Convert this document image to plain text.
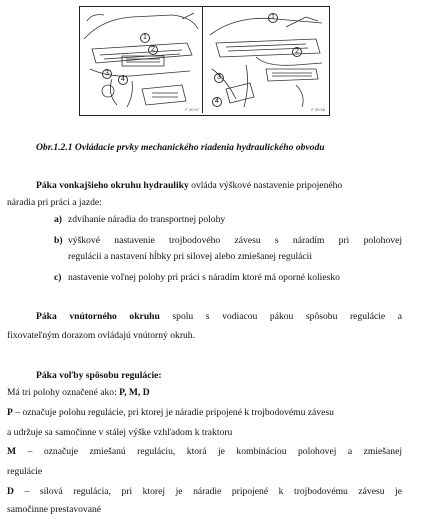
1
2
3
4
F 30 57
1
2
3
4
F 30 58
Obr.1.2.1 Ovládacie prvky mechanického riadenia hydraulického obvodu
Páka vonkajšieho okruhu hydrauliky ovláda výškové nastavenie pripojeného
náradia pri práci a jazde:
a) zdvíhanie náradia do transportnej polohy
b) výškové nastavenie trojbodového závesu s náradím pri polohovej
regulácii a nastavení hĺbky pri silovej alebo zmiešanej regulácii
c) nastavenie voľnej polohy pri práci s náradím ktoré má oporné koliesko
Páka vnútorného okruhu spolu s vodiacou pákou spôsobu regulácie a
fixovateľným dorazom ovládajú vnútorný okruh.
Páka voľby spôsobu regulácie:
Má tri polohy označené ako: P, M, D
P – označuje polohu regulácie, pri ktorej je náradie pripojené k trojbodovému závesu
a udržuje sa samočinne v stálej výške vzhľadom k traktoru
M – označuje zmiešanú reguláciu, ktorá je kombináciou polohovej a zmiešanej
regulácie
D – silová regulácia, pri ktorej je náradie pripojené k trojbodovému závesu je
samočinne prestavované
